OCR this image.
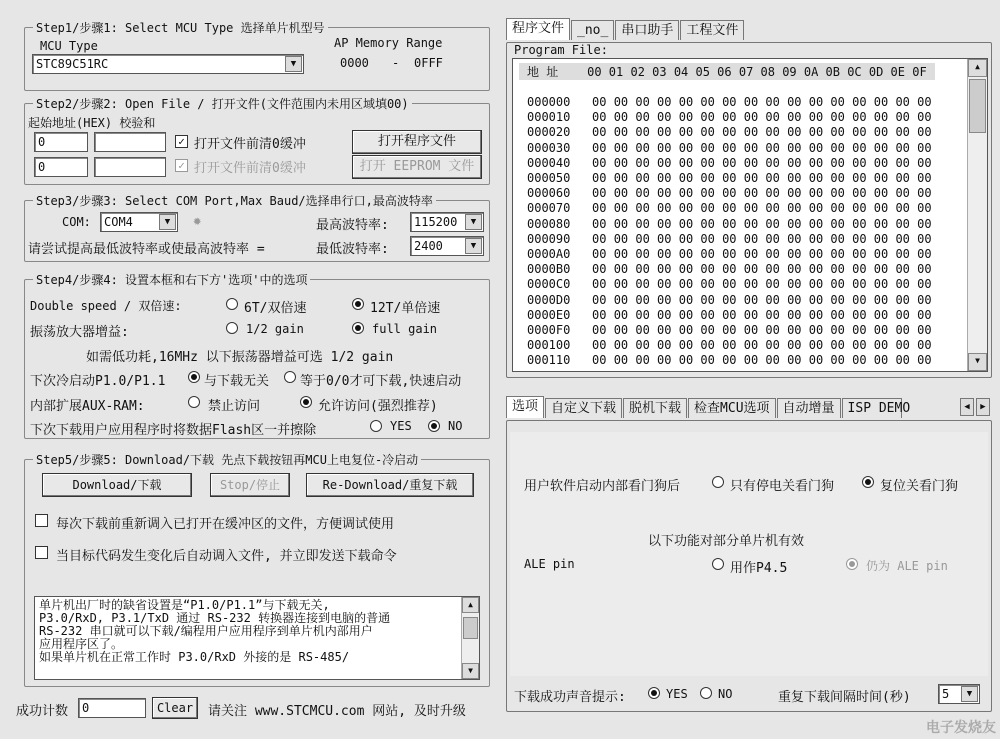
Step1/步骤1: Select MCU Type 选择单片机型号
MCU Type
STC89C51RC	▼
AP Memory Range
0000 - 0FFF
Step2/步骤2: Open File / 打开文件(文件范围内未用区域填00)
起始地址(HEX) 校验和
0	✓ 打开文件前清0缓冲	打开程序文件
0	✓ 打开文件前清0缓冲	打开 EEPROM 文件
Step3/步骤3: Select COM Port,Max Baud/选择串行口,最高波特率
COM: COM4	▼	✹	最高波特率: 115200	▼
请尝试提高最低波特率或使最高波特率 =	最低波特率: 2400	▼
Step4/步骤4: 设置本框和右下方'选项'中的选项
Double speed / 双倍速:	6T/双倍速	12T/单倍速
振荡放大器增益:	1/2 gain	full gain
如需低功耗,16MHz 以下振荡器增益可选 1/2 gain
下次冷启动P1.0/P1.1	与下载无关 等于0/0才可下载,快速启动
内部扩展AUX-RAM:	禁止访问	允许访问(强烈推荐)
下次下载用户应用程序时将数据Flash区一并擦除	YES	NO
Step5/步骤5: Download/下载 先点下载按钮再MCU上电复位-冷启动
Download/下载	Stop/停止	Re-Download/重复下载
每次下载前重新调入已打开在缓冲区的文件，方便调试使用
当目标代码发生变化后自动调入文件, 并立即发送下载命令
单片机出厂时的缺省设置是“P1.0/P1.1”与下载无关,
P3.0/RxD, P3.1/TxD 通过 RS-232 转换器连接到电脑的普通
RS-232 串口就可以下载/编程用户应用程序到单片机内部用户
应用程序区了。
如果单片机在正常工作时 P3.0/RxD 外接的是 RS-485/
▲
▼
成功计数	0	Clear	请关注 www.STCMCU.com 网站, 及时升级
程序文件	_no_	串口助手	工程文件
Program File:
地 址    00 01 02 03 04 05 06 07 08 09 0A 0B 0C 0D 0E 0F
000000   00 00 00 00 00 00 00 00 00 00 00 00 00 00 00 00
000010   00 00 00 00 00 00 00 00 00 00 00 00 00 00 00 00
000020   00 00 00 00 00 00 00 00 00 00 00 00 00 00 00 00
000030   00 00 00 00 00 00 00 00 00 00 00 00 00 00 00 00
000040   00 00 00 00 00 00 00 00 00 00 00 00 00 00 00 00
000050   00 00 00 00 00 00 00 00 00 00 00 00 00 00 00 00
000060   00 00 00 00 00 00 00 00 00 00 00 00 00 00 00 00
000070   00 00 00 00 00 00 00 00 00 00 00 00 00 00 00 00
000080   00 00 00 00 00 00 00 00 00 00 00 00 00 00 00 00
000090   00 00 00 00 00 00 00 00 00 00 00 00 00 00 00 00
0000A0   00 00 00 00 00 00 00 00 00 00 00 00 00 00 00 00
0000B0   00 00 00 00 00 00 00 00 00 00 00 00 00 00 00 00
0000C0   00 00 00 00 00 00 00 00 00 00 00 00 00 00 00 00
0000D0   00 00 00 00 00 00 00 00 00 00 00 00 00 00 00 00
0000E0   00 00 00 00 00 00 00 00 00 00 00 00 00 00 00 00
0000F0   00 00 00 00 00 00 00 00 00 00 00 00 00 00 00 00
000100   00 00 00 00 00 00 00 00 00 00 00 00 00 00 00 00
000110   00 00 00 00 00 00 00 00 00 00 00 00 00 00 00 00
▲
▼
选项	自定义下载	脱机下载	检查MCU选项	自动增量	ISP DEMO	◀	▶
用户软件启动内部看门狗后	只有停电关看门狗	复位关看门狗
以下功能对部分单片机有效
ALE pin	用作P4.5	仍为 ALE pin
下载成功声音提示:	YES	NO	重复下载间隔时间(秒)	5	▼
电子发烧友
